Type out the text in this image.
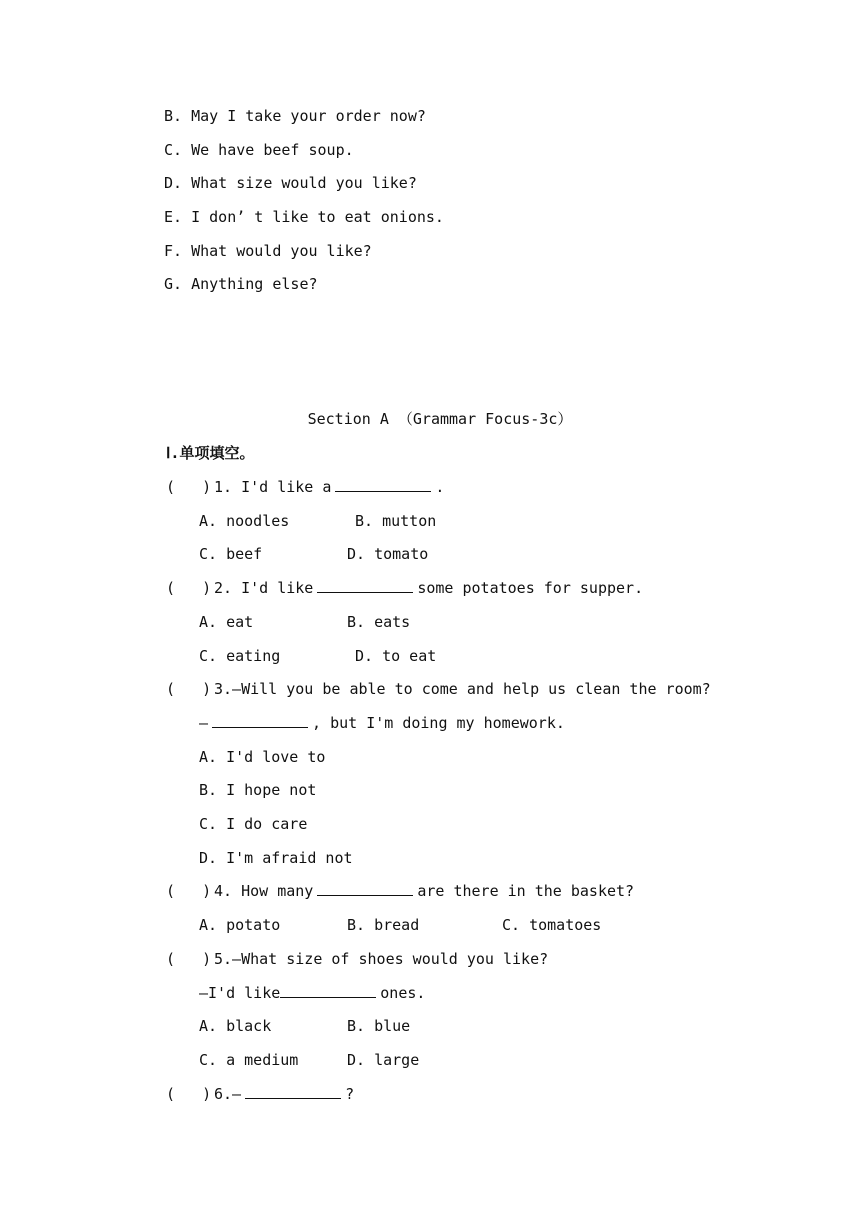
B. May I take your order now?
C. We have beef soup.
D. What size would you like?
E. I don’ t like to eat onions.
F. What would you like?
G. Anything else?
Section A （Grammar Focus-3c）
Ⅰ.单项填空。
(   ) 1. I'd like a	.
A. noodles	B. mutton
C. beef	D. tomato
(   ) 2. I'd like	some potatoes for supper.
A. eat	B. eats
C. eating	D. to eat
(   ) 3.—Will you be able to come and help us clean the room?
—	, but I'm doing my homework.
A. I'd love to
B. I hope not
C. I do care
D. I'm afraid not
(   ) 4. How many	are there in the basket?
A. potato	B. bread	C. tomatoes
(   ) 5.—What size of shoes would you like?
—I'd like	ones.
A. black	B. blue
C. a medium	D. large
(   ) 6.—	?
